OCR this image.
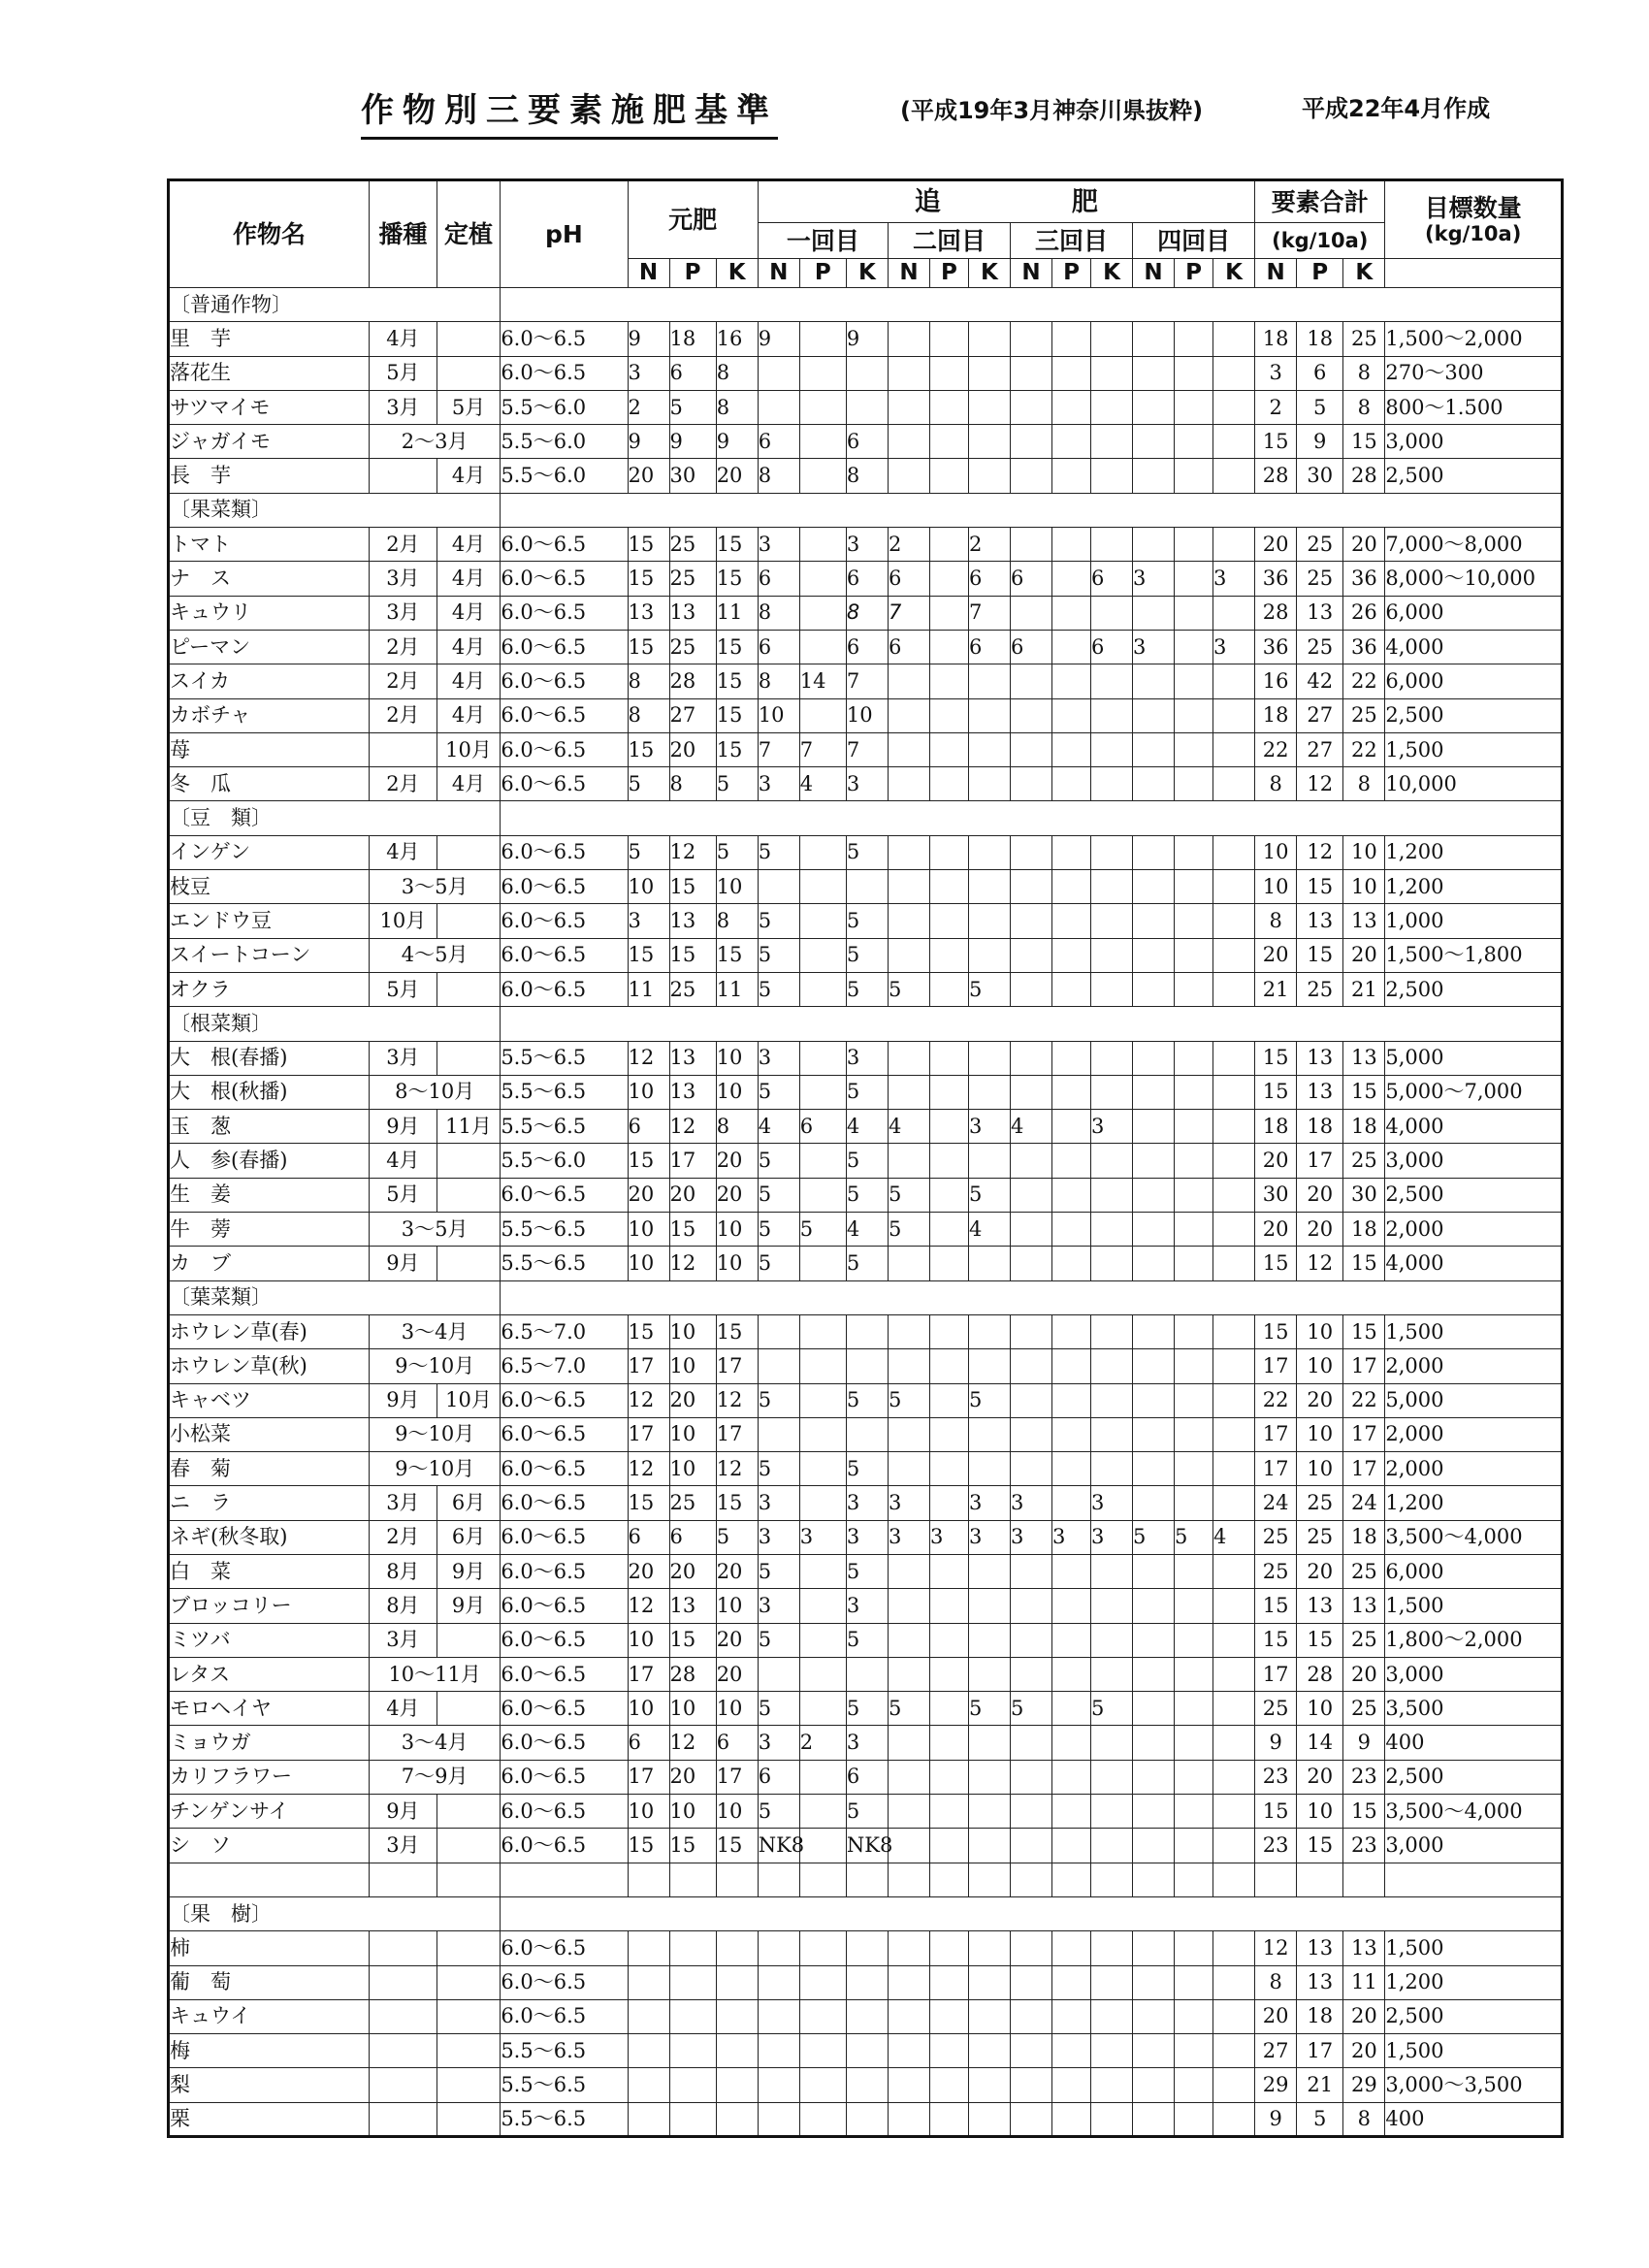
作物別三要素施肥基準	(平成19年3月神奈川県抜粋)	平成22年4月作成
作物名	播種	定植	pH	元肥			追　　　　　肥												要素合計			目標数量
(kg/10a)

							一回目			二回目			三回目			四回目			(kg/10a)			
				N	P	K	N	P	K	N	P	K	N	P	K	N	P	K	N	P	K	
〔普通作物〕																						
里　芋	4月		6.0〜6.5	9	18	16	9		9										18	18	25	1,500〜2,000
落花生	5月		6.0〜6.5	3	6	8													3	6	8	270〜300
サツマイモ	3月	5月	5.5〜6.0	2	5	8													2	5	8	800〜1.500
ジャガイモ	2〜3月		5.5〜6.0	9	9	9	6		6										15	9	15	3,000
長　芋		4月	5.5〜6.0	20	30	20	8		8										28	30	28	2,500
〔果菜類〕																						
トマト	2月	4月	6.0〜6.5	15	25	15	3		3	2		2							20	25	20	7,000〜8,000
ナ　ス	3月	4月	6.0〜6.5	15	25	15	6		6	6		6	6		6	3		3	36	25	36	8,000〜10,000
キュウリ	3月	4月	6.0〜6.5	13	13	11	8		8	7		7							28	13	26	6,000
ピーマン	2月	4月	6.0〜6.5	15	25	15	6		6	6		6	6		6	3		3	36	25	36	4,000
スイカ	2月	4月	6.0〜6.5	8	28	15	8	14	7										16	42	22	6,000
カボチャ	2月	4月	6.0〜6.5	8	27	15	10		10										18	27	25	2,500
苺		10月	6.0〜6.5	15	20	15	7	7	7										22	27	22	1,500
冬　瓜	2月	4月	6.0〜6.5	5	8	5	3	4	3										8	12	8	10,000
〔豆　類〕																						
インゲン	4月		6.0〜6.5	5	12	5	5		5										10	12	10	1,200
枝豆	3〜5月		6.0〜6.5	10	15	10													10	15	10	1,200
エンドウ豆	10月		6.0〜6.5	3	13	8	5		5										8	13	13	1,000
スイートコーン	4〜5月		6.0〜6.5	15	15	15	5		5										20	15	20	1,500〜1,800
オクラ	5月		6.0〜6.5	11	25	11	5		5	5		5							21	25	21	2,500
〔根菜類〕																						
大　根(春播)	3月		5.5〜6.5	12	13	10	3		3										15	13	13	5,000
大　根(秋播)	8〜10月		5.5〜6.5	10	13	10	5		5										15	13	15	5,000〜7,000
玉　葱	9月	11月	5.5〜6.5	6	12	8	4	6	4	4		3	4		3				18	18	18	4,000
人　参(春播)	4月		5.5〜6.0	15	17	20	5		5										20	17	25	3,000
生　姜	5月		6.0〜6.5	20	20	20	5		5	5		5							30	20	30	2,500
牛　蒡	3〜5月		5.5〜6.5	10	15	10	5	5	4	5		4							20	20	18	2,000
カ　ブ	9月		5.5〜6.5	10	12	10	5		5										15	12	15	4,000
〔葉菜類〕																						
ホウレン草(春)	3〜4月		6.5〜7.0	15	10	15													15	10	15	1,500
ホウレン草(秋)	9〜10月		6.5〜7.0	17	10	17													17	10	17	2,000
キャベツ	9月	10月	6.0〜6.5	12	20	12	5		5	5		5							22	20	22	5,000
小松菜	9〜10月		6.0〜6.5	17	10	17													17	10	17	2,000
春　菊	9〜10月		6.0〜6.5	12	10	12	5		5										17	10	17	2,000
ニ　ラ	3月	6月	6.0〜6.5	15	25	15	3		3	3		3	3		3				24	25	24	1,200
ネギ(秋冬取)	2月	6月	6.0〜6.5	6	6	5	3	3	3	3	3	3	3	3	3	5	5	4	25	25	18	3,500〜4,000
白　菜	8月	9月	6.0〜6.5	20	20	20	5		5										25	20	25	6,000
ブロッコリー	8月	9月	6.0〜6.5	12	13	10	3		3										15	13	13	1,500
ミツバ	3月		6.0〜6.5	10	15	20	5		5										15	15	25	1,800〜2,000
レタス	10〜11月		6.0〜6.5	17	28	20													17	28	20	3,000
モロヘイヤ	4月		6.0〜6.5	10	10	10	5		5	5		5	5		5				25	10	25	3,500
ミョウガ	3〜4月		6.0〜6.5	6	12	6	3	2	3										9	14	9	400
カリフラワー	7〜9月		6.0〜6.5	17	20	17	6		6										23	20	23	2,500
チンゲンサイ	9月		6.0〜6.5	10	10	10	5		5										15	10	15	3,500〜4,000
シ　ソ	3月		6.0〜6.5	15	15	15	NK8		NK8										23	15	23	3,000

〔果　樹〕																						
柿			6.0〜6.5																12	13	13	1,500
葡　萄			6.0〜6.5																8	13	11	1,200
キュウイ			6.0〜6.5																20	18	20	2,500
梅			5.5〜6.5																27	17	20	1,500
梨			5.5〜6.5																29	21	29	3,000〜3,500
栗			5.5〜6.5																9	5	8	400
